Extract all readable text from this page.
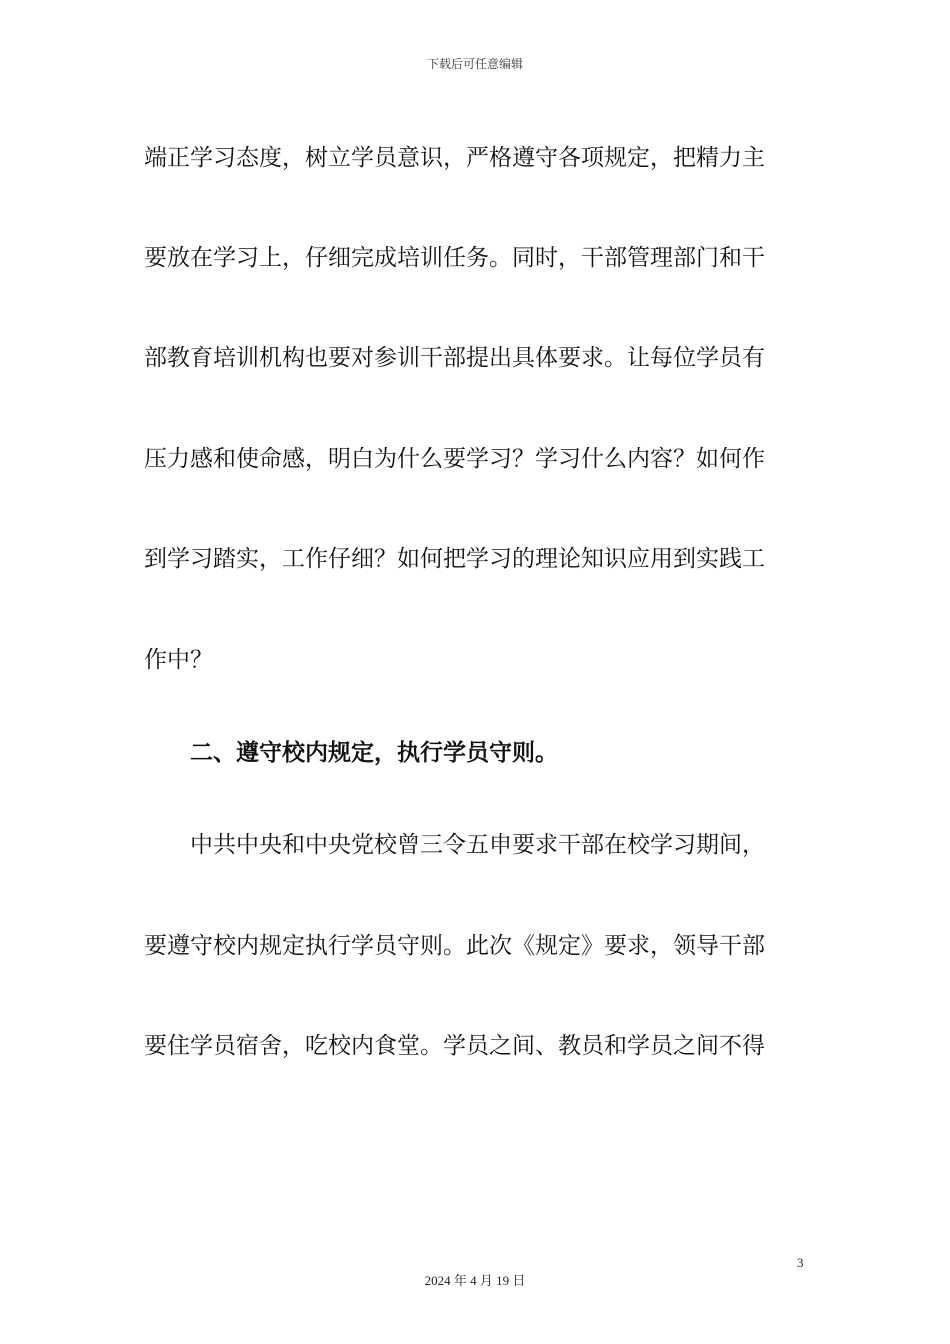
下载后可任意编辑
端正学习态度，树立学员意识，严格遵守各项规定，把精力主
要放在学习上，仔细完成培训任务。同时，干部管理部门和干
部教育培训机构也要对参训干部提出具体要求。让每位学员有
压力感和使命感，明白为什么要学习？学习什么内容？如何作
到学习踏实，工作仔细？如何把学习的理论知识应用到实践工
作中？
二、遵守校内规定，执行学员守则。
中共中央和中央党校曾三令五申要求干部在校学习期间，
要遵守校内规定执行学员守则。此次《规定》要求，领导干部
要住学员宿舍，吃校内食堂。学员之间、教员和学员之间不得
3
2024 年 4 月 19 日
